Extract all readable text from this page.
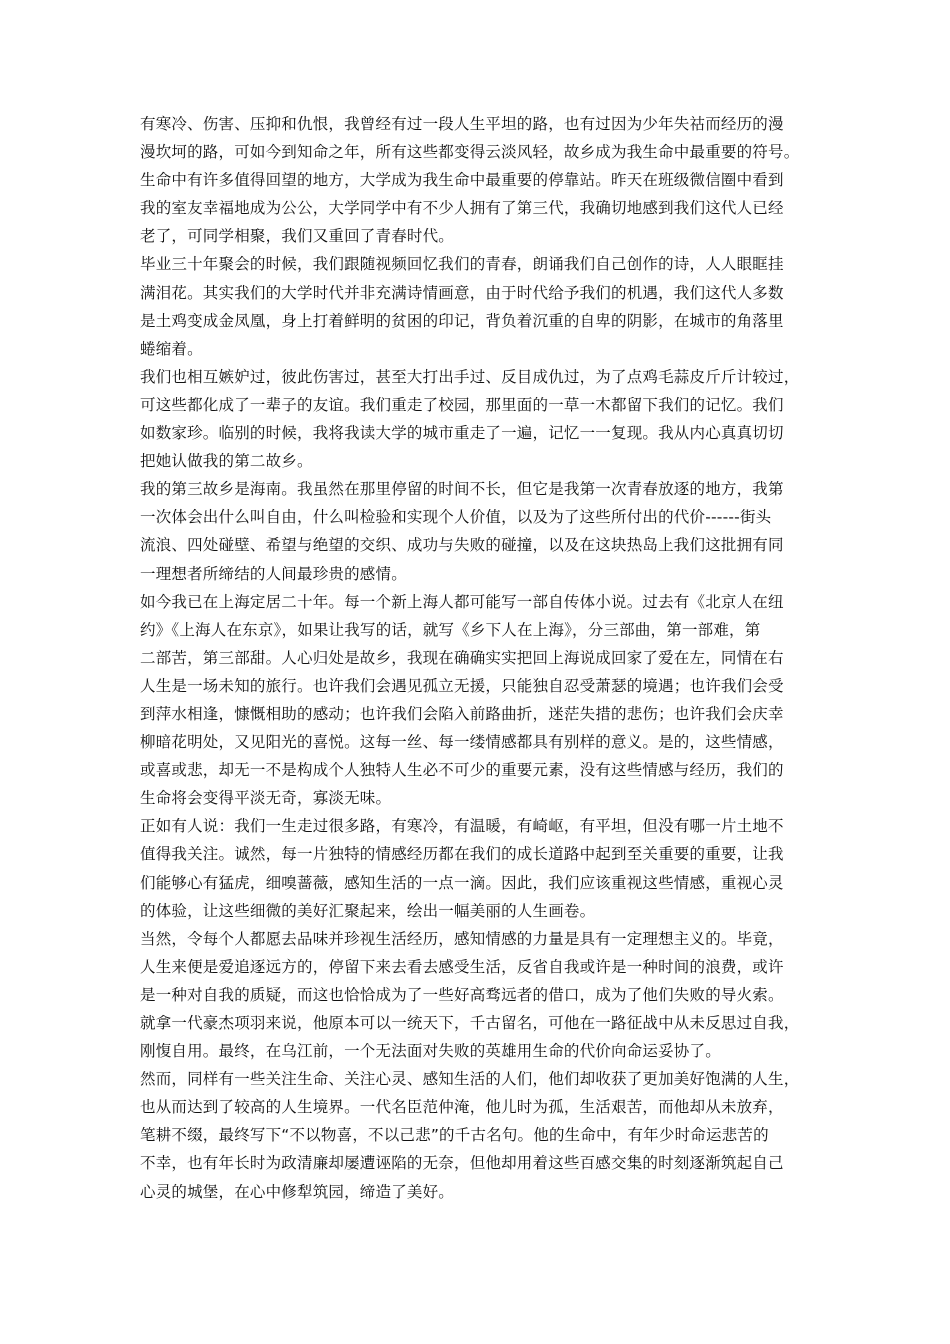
有寒冷、伤害、压抑和仇恨，我曾经有过一段人生平坦的路，也有过因为少年失祜而经历的漫
漫坎坷的路，可如今到知命之年，所有这些都变得云淡风轻，故乡成为我生命中最重要的符号。
生命中有许多值得回望的地方，大学成为我生命中最重要的停靠站。昨天在班级微信圈中看到
我的室友幸福地成为公公，大学同学中有不少人拥有了第三代，我确切地感到我们这代人已经
老了，可同学相聚，我们又重回了青春时代。
毕业三十年聚会的时候，我们跟随视频回忆我们的青春，朗诵我们自己创作的诗，人人眼眶挂
满泪花。其实我们的大学时代并非充满诗情画意，由于时代给予我们的机遇，我们这代人多数
是土鸡变成金凤凰，身上打着鲜明的贫困的印记，背负着沉重的自卑的阴影，在城市的角落里
蜷缩着。
我们也相互嫉妒过，彼此伤害过，甚至大打出手过、反目成仇过，为了点鸡毛蒜皮斤斤计较过，
可这些都化成了一辈子的友谊。我们重走了校园，那里面的一草一木都留下我们的记忆。我们
如数家珍。临别的时候，我将我读大学的城市重走了一遍，记忆一一复现。我从内心真真切切
把她认做我的第二故乡。
我的第三故乡是海南。我虽然在那里停留的时间不长，但它是我第一次青春放逐的地方，我第
一次体会出什么叫自由，什么叫检验和实现个人价值，以及为了这些所付出的代价------街头
流浪、四处碰壁、希望与绝望的交织、成功与失败的碰撞，以及在这块热岛上我们这批拥有同
一理想者所缔结的人间最珍贵的感情。
如今我已在上海定居二十年。每一个新上海人都可能写一部自传体小说。过去有《北京人在纽
约》《上海人在东京》，如果让我写的话，就写《乡下人在上海》，分三部曲，第一部难，第
二部苦，第三部甜。人心归处是故乡，我现在确确实实把回上海说成回家了爱在左，同情在右
人生是一场未知的旅行。也许我们会遇见孤立无援，只能独自忍受萧瑟的境遇；也许我们会受
到萍水相逢，慷慨相助的感动；也许我们会陷入前路曲折，迷茫失措的悲伤；也许我们会庆幸
柳暗花明处，又见阳光的喜悦。这每一丝、每一缕情感都具有别样的意义。是的，这些情感，
或喜或悲，却无一不是构成个人独特人生必不可少的重要元素，没有这些情感与经历，我们的
生命将会变得平淡无奇，寡淡无味。
正如有人说：我们一生走过很多路，有寒冷，有温暖，有崎岖，有平坦，但没有哪一片土地不
值得我关注。诚然，每一片独特的情感经历都在我们的成长道路中起到至关重要的重要，让我
们能够心有猛虎，细嗅蔷薇，感知生活的一点一滴。因此，我们应该重视这些情感，重视心灵
的体验，让这些细微的美好汇聚起来，绘出一幅美丽的人生画卷。
当然，令每个人都愿去品味并珍视生活经历，感知情感的力量是具有一定理想主义的。毕竟，
人生来便是爱追逐远方的，停留下来去看去感受生活，反省自我或许是一种时间的浪费，或许
是一种对自我的质疑，而这也恰恰成为了一些好高骛远者的借口，成为了他们失败的导火索。
就拿一代豪杰项羽来说，他原本可以一统天下，千古留名，可他在一路征战中从未反思过自我，
刚愎自用。最终，在乌江前，一个无法面对失败的英雄用生命的代价向命运妥协了。
然而，同样有一些关注生命、关注心灵、感知生活的人们，他们却收获了更加美好饱满的人生，
也从而达到了较高的人生境界。一代名臣范仲淹，他儿时为孤，生活艰苦，而他却从未放弃，
笔耕不缀，最终写下“不以物喜，不以己悲”的千古名句。他的生命中，有年少时命运悲苦的
不幸，也有年长时为政清廉却屡遭诬陷的无奈，但他却用着这些百感交集的时刻逐渐筑起自己
心灵的城堡，在心中修犁筑园，缔造了美好。
